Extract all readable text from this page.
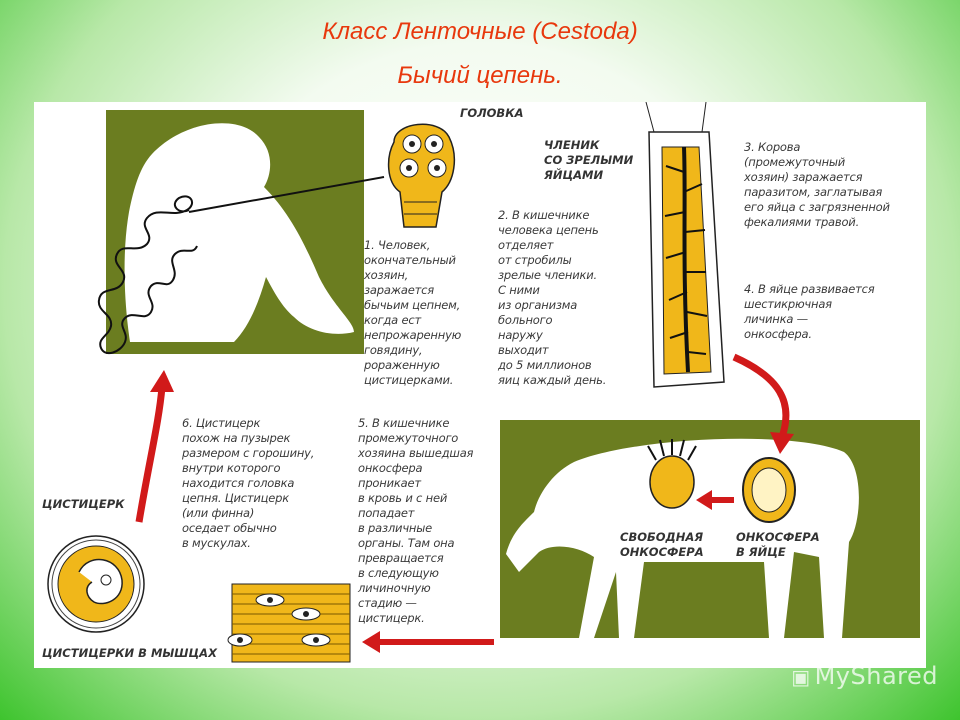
Класс Ленточные (Cestoda)
Бычий цепень.
ГОЛОВКА
ЧЛЕНИК
СО ЗРЕЛЫМИ
ЯЙЦАМИ
ЦИСТИЦЕРК
ЦИСТИЦЕРКИ В МЫШЦАХ
СВОБОДНАЯ
ОНКОСФЕРА
ОНКОСФЕРА
В ЯЙЦЕ
1. Человек,
окончательный
хозяин,
заражается
бычьим цепнем,
когда ест
непрожаренную
говядину,
pораженную
цистицерками.
2. В кишечнике
человека цепень
отделяет
от стробилы
зрелые членики.
С ними
из организма
больного
наружу
выходит
до 5 миллионов
яиц каждый день.
3. Корова
(промежуточный
хозяин) заражается
паразитом, заглатывая
его яйца с загрязненной
фекалиями травой.
4. В яйце развивается
шестикрючная
личинка —
онкосфера.
5. В кишечнике
промежуточного
хозяина вышедшая
онкосфера
проникает
в кровь и с ней
попадает
в различные
органы. Там она
превращается
в следующую
личиночную
стадию —
цистицерк.
6. Цистицерк
похож на пузырек
размером с горошину,
внутри которого
находится головка
цепня. Цистицерк
(или финна)
оседает обычно
в мускулах.
▣ MyShared
